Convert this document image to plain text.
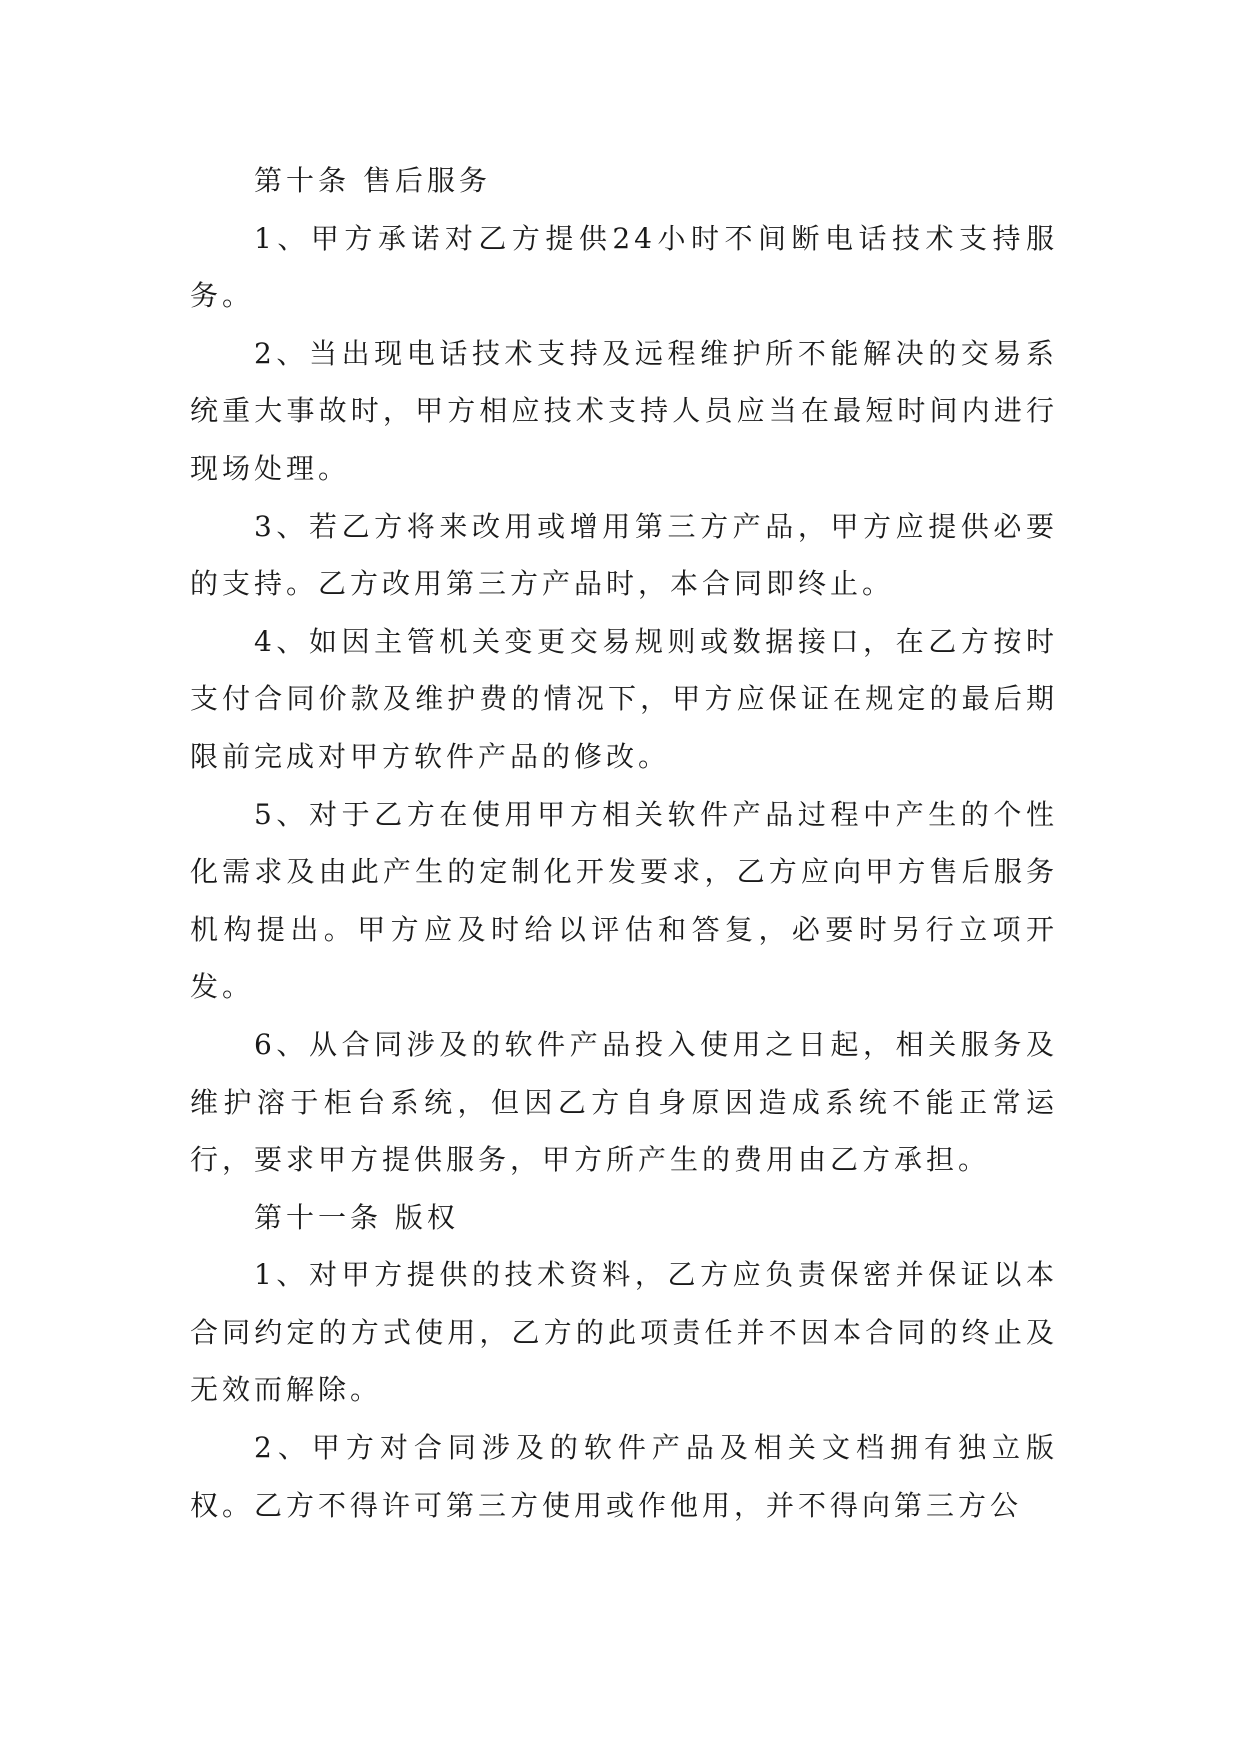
第十条 售后服务

1、甲方承诺对乙方提供24小时不间断电话技术支持服务。

2、当出现电话技术支持及远程维护所不能解决的交易系统重大事故时，甲方相应技术支持人员应当在最短时间内进行现场处理。

3、若乙方将来改用或增用第三方产品，甲方应提供必要的支持。乙方改用第三方产品时，本合同即终止。

4、如因主管机关变更交易规则或数据接口，在乙方按时支付合同价款及维护费的情况下，甲方应保证在规定的最后期限前完成对甲方软件产品的修改。

5、对于乙方在使用甲方相关软件产品过程中产生的个性化需求及由此产生的定制化开发要求，乙方应向甲方售后服务机构提出。甲方应及时给以评估和答复，必要时另行立项开发。

6、从合同涉及的软件产品投入使用之日起，相关服务及维护溶于柜台系统，但因乙方自身原因造成系统不能正常运行，要求甲方提供服务，甲方所产生的费用由乙方承担。

第十一条 版权

1、对甲方提供的技术资料，乙方应负责保密并保证以本合同约定的方式使用，乙方的此项责任并不因本合同的终止及无效而解除。

2、甲方对合同涉及的软件产品及相关文档拥有独立版权。乙方不得许可第三方使用或作他用，并不得向第三方公
